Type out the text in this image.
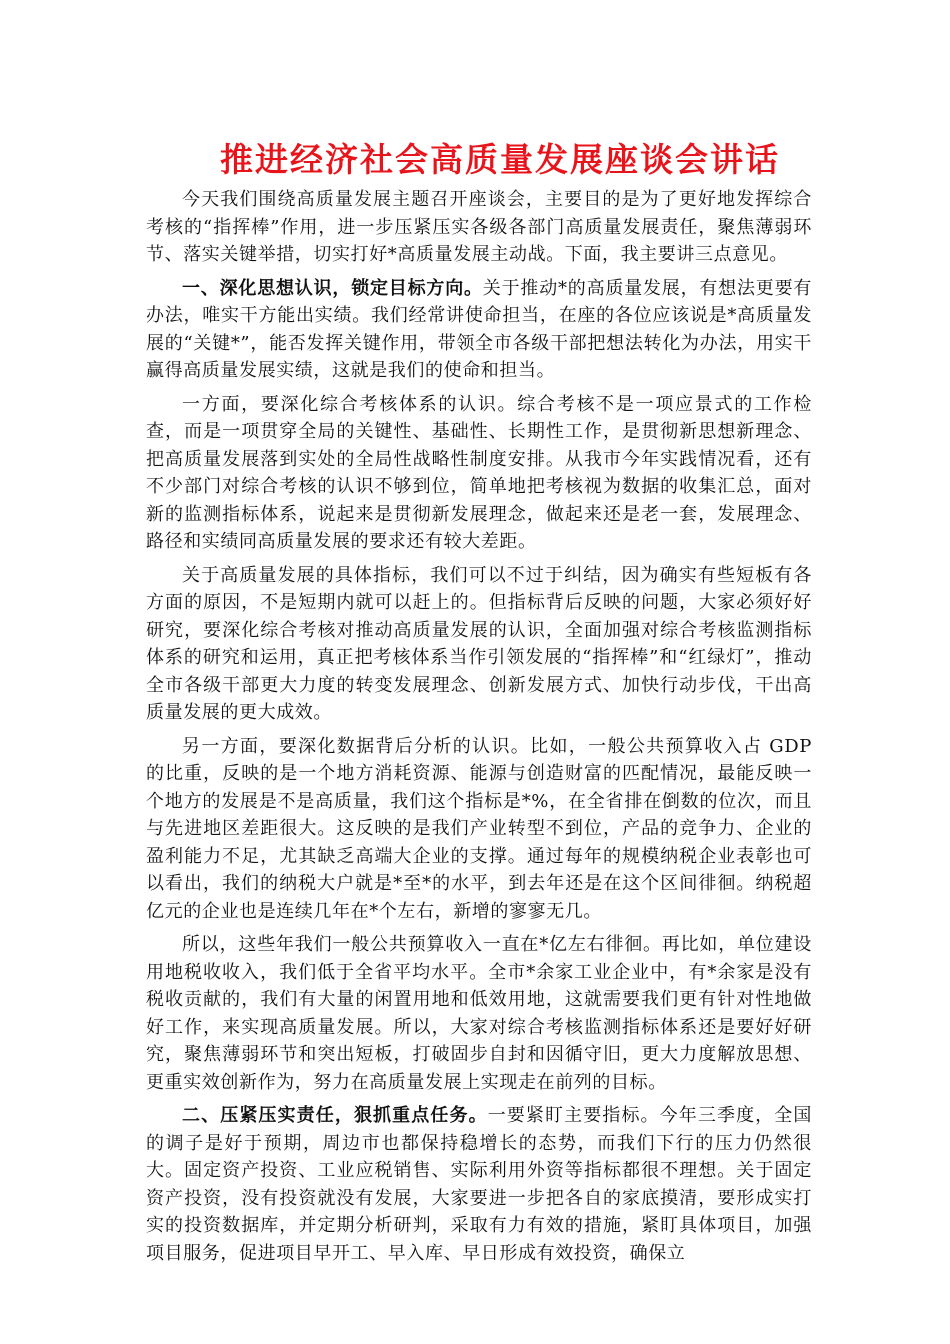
推进经济社会高质量发展座谈会讲话

今天我们围绕高质量发展主题召开座谈会，主要目的是为了更好地发挥综合考核的“指挥棒”作用，进一步压紧压实各级各部门高质量发展责任，聚焦薄弱环节、落实关键举措，切实打好*高质量发展主动战。下面，我主要讲三点意见。

一、深化思想认识，锁定目标方向。关于推动*的高质量发展，有想法更要有办法，唯实干方能出实绩。我们经常讲使命担当，在座的各位应该说是*高质量发展的“关键*”，能否发挥关键作用，带领全市各级干部把想法转化为办法，用实干赢得高质量发展实绩，这就是我们的使命和担当。

一方面，要深化综合考核体系的认识。综合考核不是一项应景式的工作检查，而是一项贯穿全局的关键性、基础性、长期性工作，是贯彻新思想新理念、把高质量发展落到实处的全局性战略性制度安排。从我市今年实践情况看，还有不少部门对综合考核的认识不够到位，简单地把考核视为数据的收集汇总，面对新的监测指标体系，说起来是贯彻新发展理念，做起来还是老一套，发展理念、路径和实绩同高质量发展的要求还有较大差距。

关于高质量发展的具体指标，我们可以不过于纠结，因为确实有些短板有各方面的原因，不是短期内就可以赶上的。但指标背后反映的问题，大家必须好好研究，要深化综合考核对推动高质量发展的认识，全面加强对综合考核监测指标体系的研究和运用，真正把考核体系当作引领发展的“指挥棒”和“红绿灯”，推动全市各级干部更大力度的转变发展理念、创新发展方式、加快行动步伐，干出高质量发展的更大成效。

另一方面，要深化数据背后分析的认识。比如，一般公共预算收入占 GDP 的比重，反映的是一个地方消耗资源、能源与创造财富的匹配情况，最能反映一个地方的发展是不是高质量，我们这个指标是*%，在全省排在倒数的位次，而且与先进地区差距很大。这反映的是我们产业转型不到位，产品的竞争力、企业的盈利能力不足，尤其缺乏高端大企业的支撑。通过每年的规模纳税企业表彰也可以看出，我们的纳税大户就是*至*的水平，到去年还是在这个区间徘徊。纳税超亿元的企业也是连续几年在*个左右，新增的寥寥无几。

所以，这些年我们一般公共预算收入一直在*亿左右徘徊。再比如，单位建设用地税收收入，我们低于全省平均水平。全市*余家工业企业中，有*余家是没有税收贡献的，我们有大量的闲置用地和低效用地，这就需要我们更有针对性地做好工作，来实现高质量发展。所以，大家对综合考核监测指标体系还是要好好研究，聚焦薄弱环节和突出短板，打破固步自封和因循守旧，更大力度解放思想、更重实效创新作为，努力在高质量发展上实现走在前列的目标。

二、压紧压实责任，狠抓重点任务。一要紧盯主要指标。今年三季度，全国的调子是好于预期，周边市也都保持稳增长的态势，而我们下行的压力仍然很大。固定资产投资、工业应税销售、实际利用外资等指标都很不理想。关于固定资产投资，没有投资就没有发展，大家要进一步把各自的家底摸清，要形成实打实的投资数据库，并定期分析研判，采取有力有效的措施，紧盯具体项目，加强项目服务，促进项目早开工、早入库、早日形成有效投资，确保立
